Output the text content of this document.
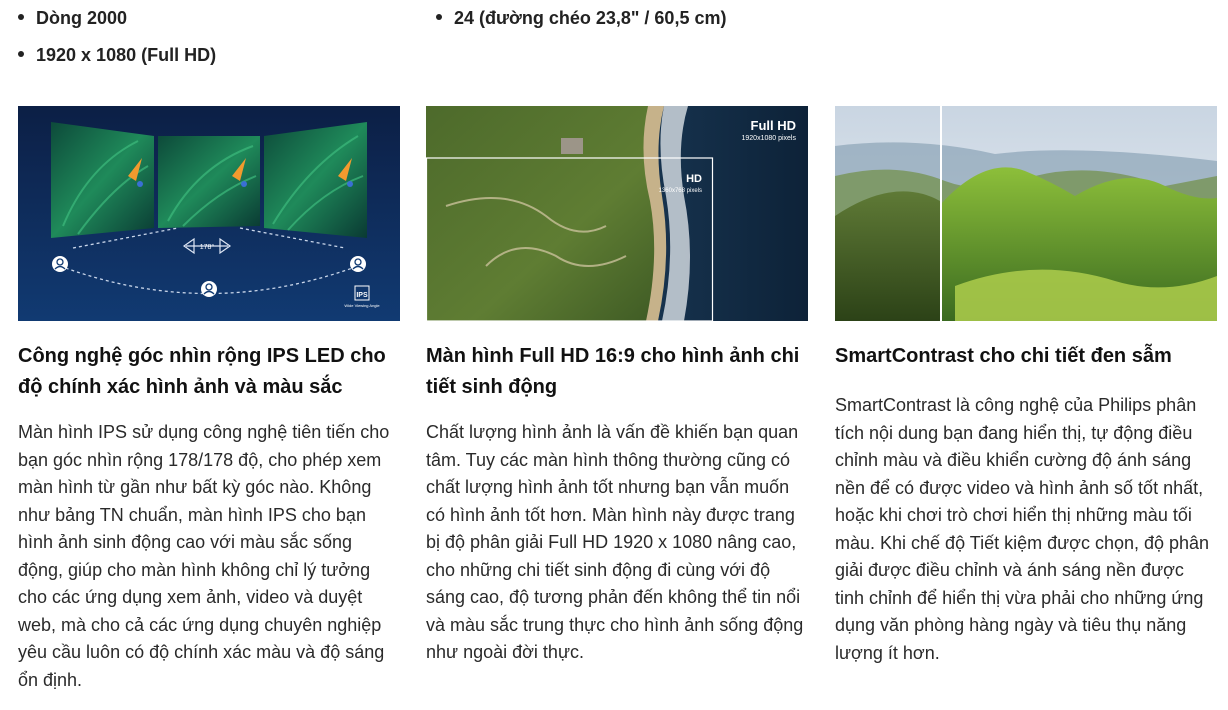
Dòng 2000	24 (đường chéo 23,8" / 60,5 cm)
1920 x 1080 (Full HD)
178°
IPS
Wide Viewing Angle
Công nghệ góc nhìn rộng IPS LED cho độ chính xác hình ảnh và màu sắc

Màn hình IPS sử dụng công nghệ tiên tiến cho bạn góc nhìn rộng 178/178 độ, cho phép xem màn hình từ gần như bất kỳ góc nào. Không như bảng TN chuẩn, màn hình IPS cho bạn hình ảnh sinh động cao với màu sắc sống động, giúp cho màn hình không chỉ lý tưởng cho các ứng dụng xem ảnh, video và duyệt web, mà cho cả các ứng dụng chuyên nghiệp yêu cầu luôn có độ chính xác màu và độ sáng ổn định.

Full HD
1920x1080 pixels
HD
1360x768 pixels
Màn hình Full HD 16:9 cho hình ảnh chi tiết sinh động

Chất lượng hình ảnh là vấn đề khiến bạn quan tâm. Tuy các màn hình thông thường cũng có chất lượng hình ảnh tốt nhưng bạn vẫn muốn có hình ảnh tốt hơn. Màn hình này được trang bị độ phân giải Full HD 1920 x 1080 nâng cao, cho những chi tiết sinh động đi cùng với độ sáng cao, độ tương phản đến không thể tin nổi và màu sắc trung thực cho hình ảnh sống động như ngoài đời thực.

SmartContrast cho chi tiết đen sẫm

SmartContrast là công nghệ của Philips phân tích nội dung bạn đang hiển thị, tự động điều chỉnh màu và điều khiển cường độ ánh sáng nền để có được video và hình ảnh số tốt nhất, hoặc khi chơi trò chơi hiển thị những màu tối màu. Khi chế độ Tiết kiệm được chọn, độ phân giải được điều chỉnh và ánh sáng nền được tinh chỉnh để hiển thị vừa phải cho những ứng dụng văn phòng hàng ngày và tiêu thụ năng lượng ít hơn.
